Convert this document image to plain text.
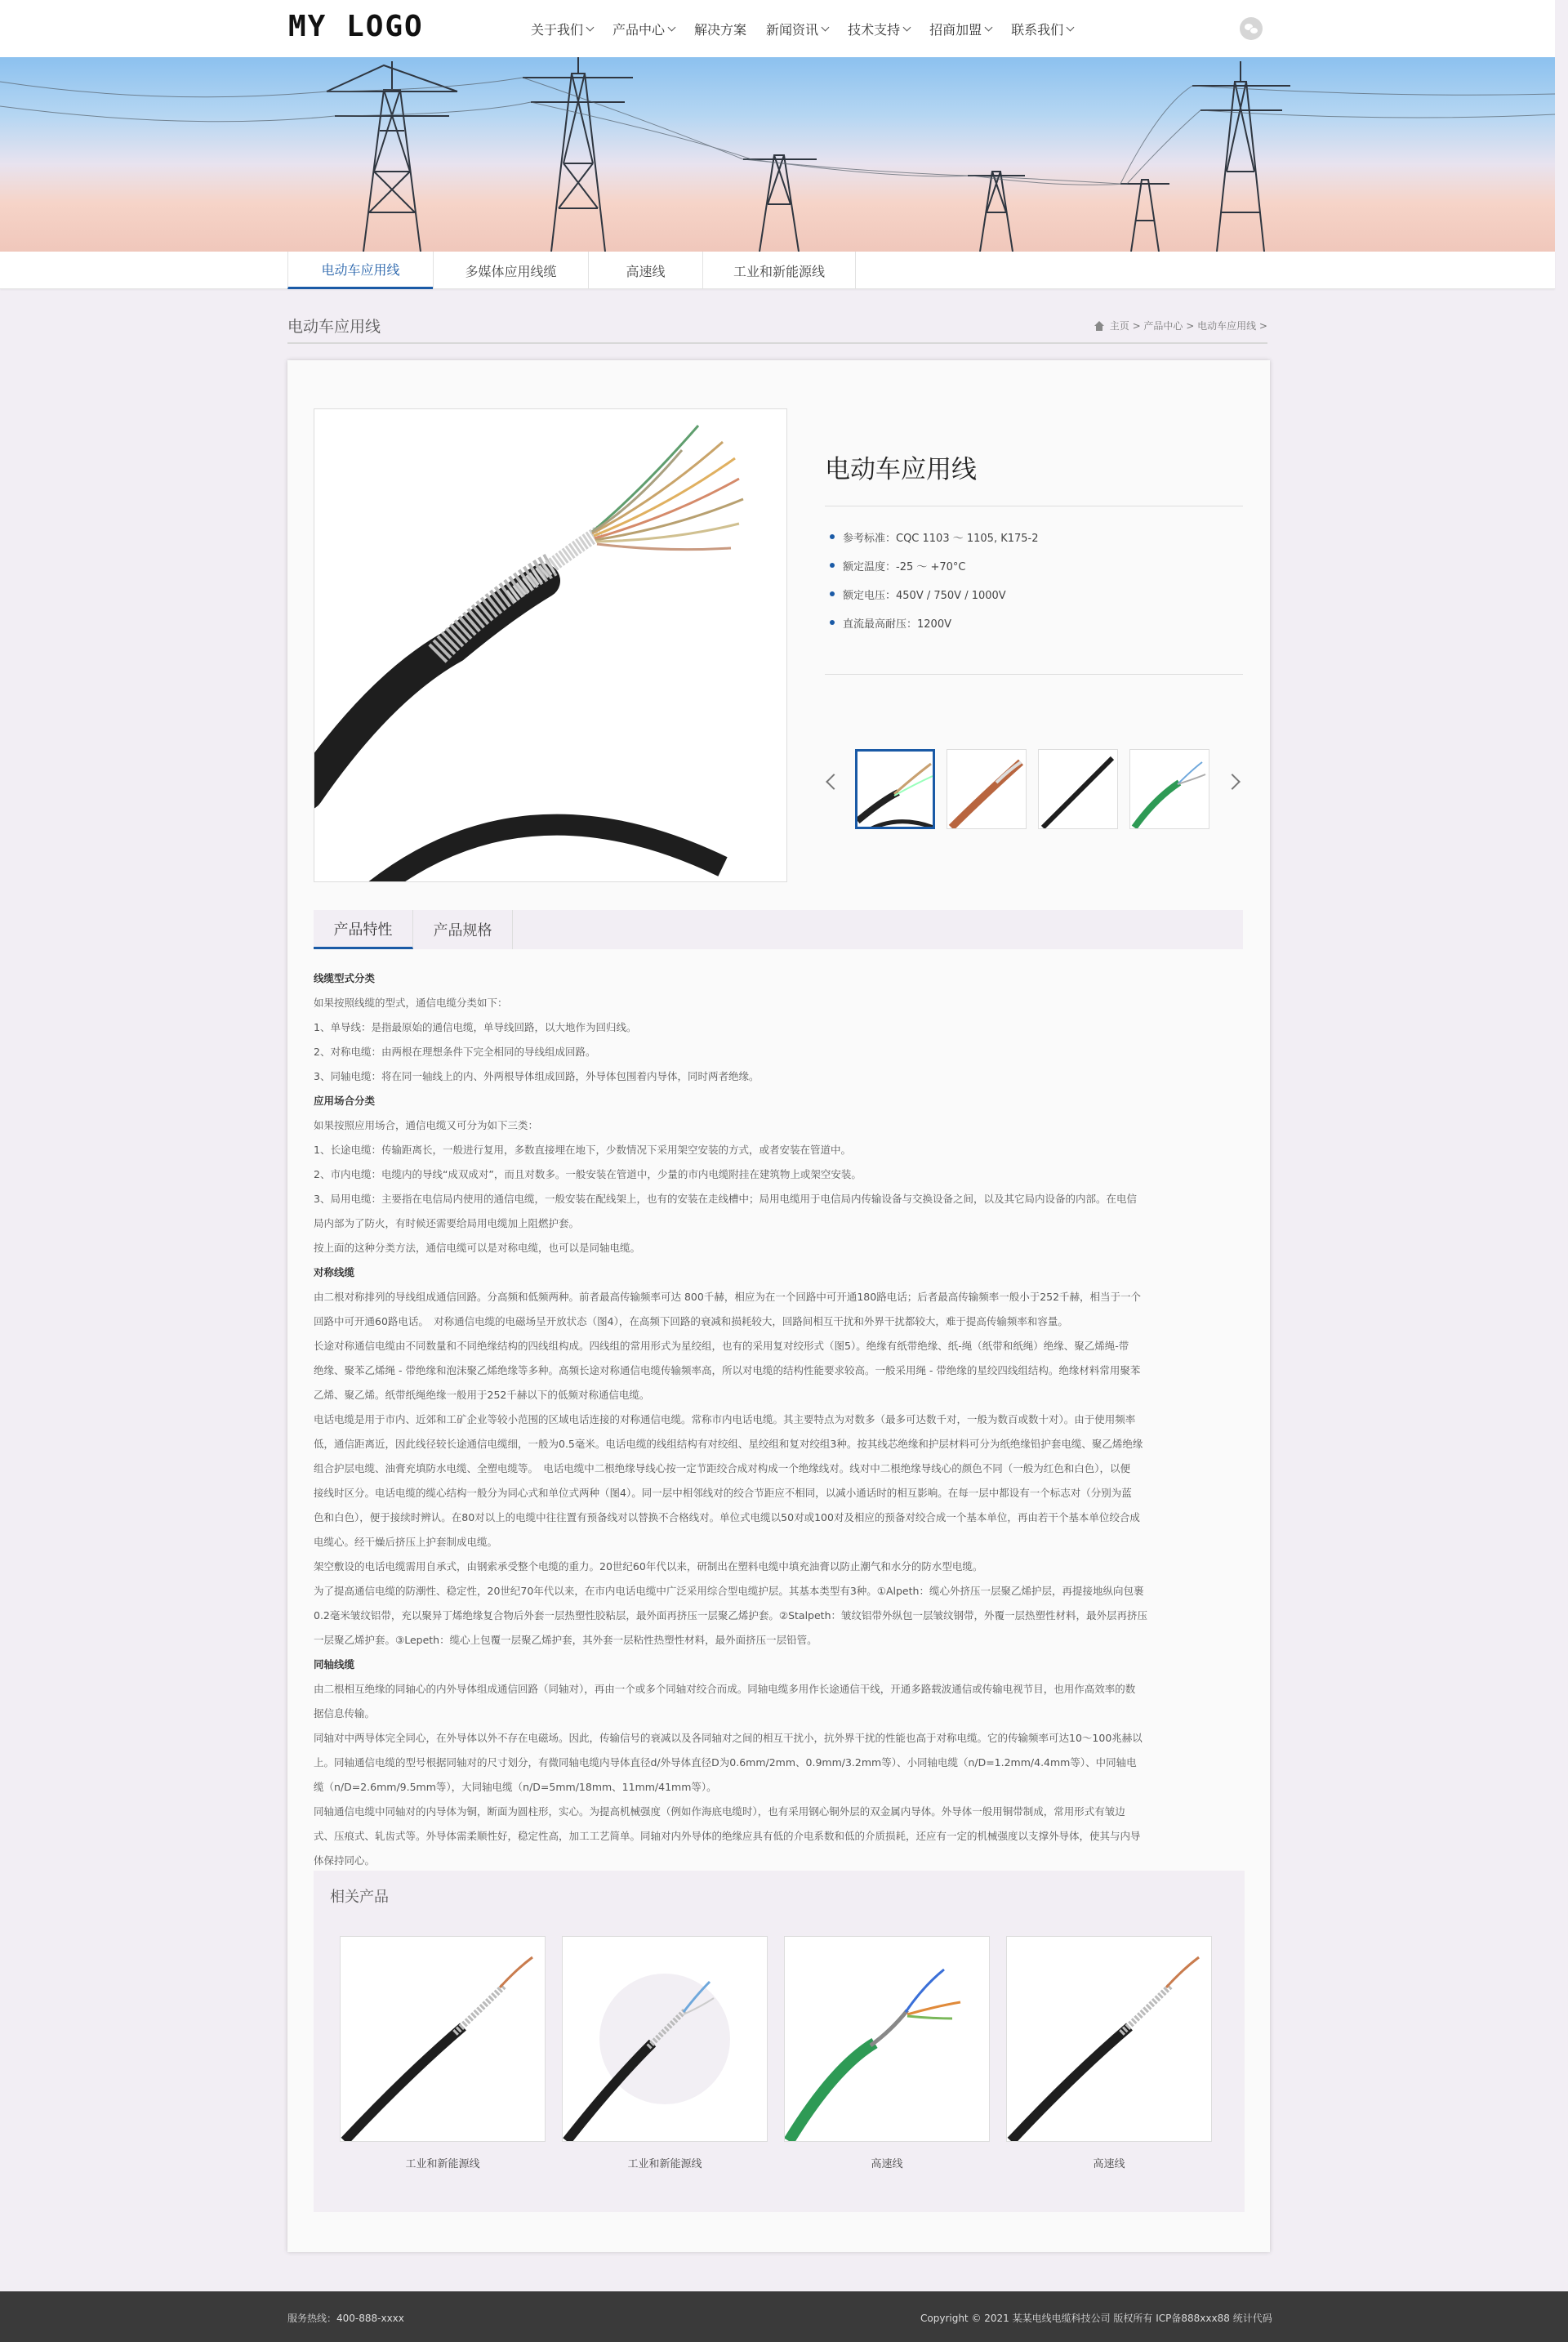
MY LOGO	关于我们 产品中心 解决方案 新闻资讯 技术支持 招商加盟 联系我们
电动车应用线	多媒体应用线缆	高速线	工业和新能源线
电动车应用线	主页 > 产品中心 > 电动车应用线 >
电动车应用线
参考标准：CQC 1103 ～ 1105, K175-2
额定温度：-25 ～ +70°C
额定电压：450V / 750V / 1000V
直流最高耐压：1200V
产品特性	产品规格
线缆型式分类
如果按照线缆的型式，通信电缆分类如下：
1、单导线：是指最原始的通信电缆，单导线回路，以大地作为回归线。
2、对称电缆：由两根在理想条件下完全相同的导线组成回路。
3、同轴电缆：将在同一轴线上的内、外两根导体组成回路，外导体包围着内导体，同时两者绝缘。
应用场合分类
如果按照应用场合，通信电缆又可分为如下三类：
1、长途电缆：传输距离长，一般进行复用，多数直接埋在地下，少数情况下采用架空安装的方式，或者安装在管道中。
2、市内电缆：电缆内的导线“成双成对”，而且对数多。一般安装在管道中，少量的市内电缆附挂在建筑物上或架空安装。
3、局用电缆：主要指在电信局内使用的通信电缆，一般安装在配线架上，也有的安装在走线槽中；局用电缆用于电信局内传输设备与交换设备之间，以及其它局内设备的内部。在电信
局内部为了防火，有时候还需要给局用电缆加上阻燃护套。
按上面的这种分类方法，通信电缆可以是对称电缆，也可以是同轴电缆。
对称线缆
由二根对称排列的导线组成通信回路。分高频和低频两种。前者最高传输频率可达 800千赫，相应为在一个回路中可开通180路电话；后者最高传输频率一般小于252千赫，相当于一个
回路中可开通60路电话。　对称通信电缆的电磁场呈开放状态（图4），在高频下回路的衰减和损耗较大，回路间相互干扰和外界干扰都较大，难于提高传输频率和容量。
长途对称通信电缆由不同数量和不同绝缘结构的四线组构成。四线组的常用形式为星绞组，也有的采用复对绞形式（图5）。绝缘有纸带绝缘、纸-绳（纸带和纸绳）绝缘、聚乙烯绳-带
绝缘、聚苯乙烯绳 - 带绝缘和泡沫聚乙烯绝缘等多种。高频长途对称通信电缆传输频率高，所以对电缆的结构性能要求较高。一般采用绳 - 带绝缘的星绞四线组结构。绝缘材料常用聚苯
乙烯、聚乙烯。纸带纸绳绝缘一般用于252千赫以下的低频对称通信电缆。
电话电缆是用于市内、近郊和工矿企业等较小范围的区域电话连接的对称通信电缆。常称市内电话电缆。其主要特点为对数多（最多可达数千对，一般为数百或数十对）。由于使用频率
低，通信距离近，因此线径较长途通信电缆细，一般为0.5毫米。电话电缆的线组结构有对绞组、星绞组和复对绞组3种。按其线芯绝缘和护层材料可分为纸绝缘铅护套电缆、聚乙烯绝缘
组合护层电缆、油膏充填防水电缆、全塑电缆等。　电话电缆中二根绝缘导线心按一定节距绞合成对构成一个绝缘线对。线对中二根绝缘导线心的颜色不同（一般为红色和白色），以便
接线时区分。电话电缆的缆心结构一般分为同心式和单位式两种（图4）。同一层中相邻线对的绞合节距应不相同，以减小通话时的相互影响。在每一层中都设有一个标志对（分别为蓝
色和白色），便于接续时辨认。在80对以上的电缆中往往置有预备线对以替换不合格线对。单位式电缆以50对或100对及相应的预备对绞合成一个基本单位，再由若干个基本单位绞合成
电缆心。经干燥后挤压上护套制成电缆。
架空敷设的电话电缆需用自承式，由钢索承受整个电缆的重力。20世纪60年代以来，研制出在塑料电缆中填充油膏以防止潮气和水分的防水型电缆。
为了提高通信电缆的防潮性、稳定性，20世纪70年代以来，在市内电话电缆中广泛采用综合型电缆护层。其基本类型有3种。①Alpeth：缆心外挤压一层聚乙烯护层，再提接地纵向包裹
0.2毫米皱纹铝带，充以聚异丁烯绝缘复合物后外套一层热塑性胶粘层，最外面再挤压一层聚乙烯护套。②Stalpeth：皱纹铝带外纵包一层皱纹钢带，外覆一层热塑性材料，最外层再挤压
一层聚乙烯护套。③Lepeth：缆心上包覆一层聚乙烯护套，其外套一层粘性热塑性材料，最外面挤压一层铅管。
同轴线缆
由二根相互绝缘的同轴心的内外导体组成通信回路（同轴对），再由一个或多个同轴对绞合而成。同轴电缆多用作长途通信干线，开通多路载波通信或传输电视节目，也用作高效率的数
据信息传输。
同轴对中两导体完全同心，在外导体以外不存在电磁场。因此，传输信号的衰减以及各同轴对之间的相互干扰小，抗外界干扰的性能也高于对称电缆。它的传输频率可达10～100兆赫以
上。同轴通信电缆的型号根据同轴对的尺寸划分，有微同轴电缆内导体直径d/外导体直径D为0.6mm/2mm、0.9mm/3.2mm等）、小同轴电缆（n/D=1.2mm/4.4mm等）、中同轴电
缆（n/D=2.6mm/9.5mm等），大同轴电缆（n/D=5mm/18mm、11mm/41mm等）。
同轴通信电缆中同轴对的内导体为铜，断面为圆柱形，实心。为提高机械强度（例如作海底电缆时），也有采用钢心铜外层的双金属内导体。外导体一般用铜带制成，常用形式有皱边
式、压痕式、轧齿式等。外导体需柔顺性好，稳定性高，加工工艺简单。同轴对内外导体的绝缘应具有低的介电系数和低的介质损耗，还应有一定的机械强度以支撑外导体，使其与内导
体保持同心。
相关产品
工业和新能源线	工业和新能源线	高速线	高速线
服务热线：400-888-xxxx	Copyright © 2021 某某电线电缆科技公司 版权所有 ICP备888xxx88 统计代码
